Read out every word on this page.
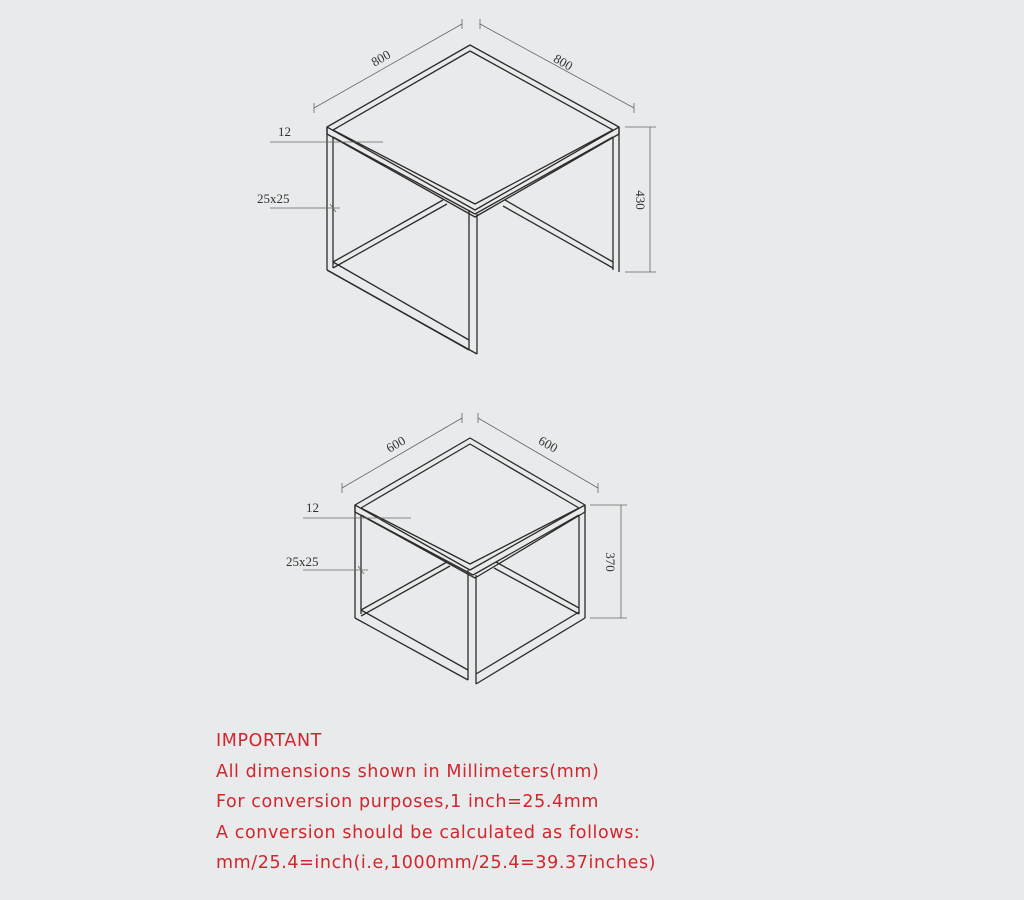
800	800
430
12
25x25
600	600
370
12
25x25
IMPORTANT
All dimensions shown in Millimeters(mm)
For conversion purposes,1 inch=25.4mm
A conversion should be calculated as follows:
mm/25.4=inch(i.e,1000mm/25.4=39.37inches)
